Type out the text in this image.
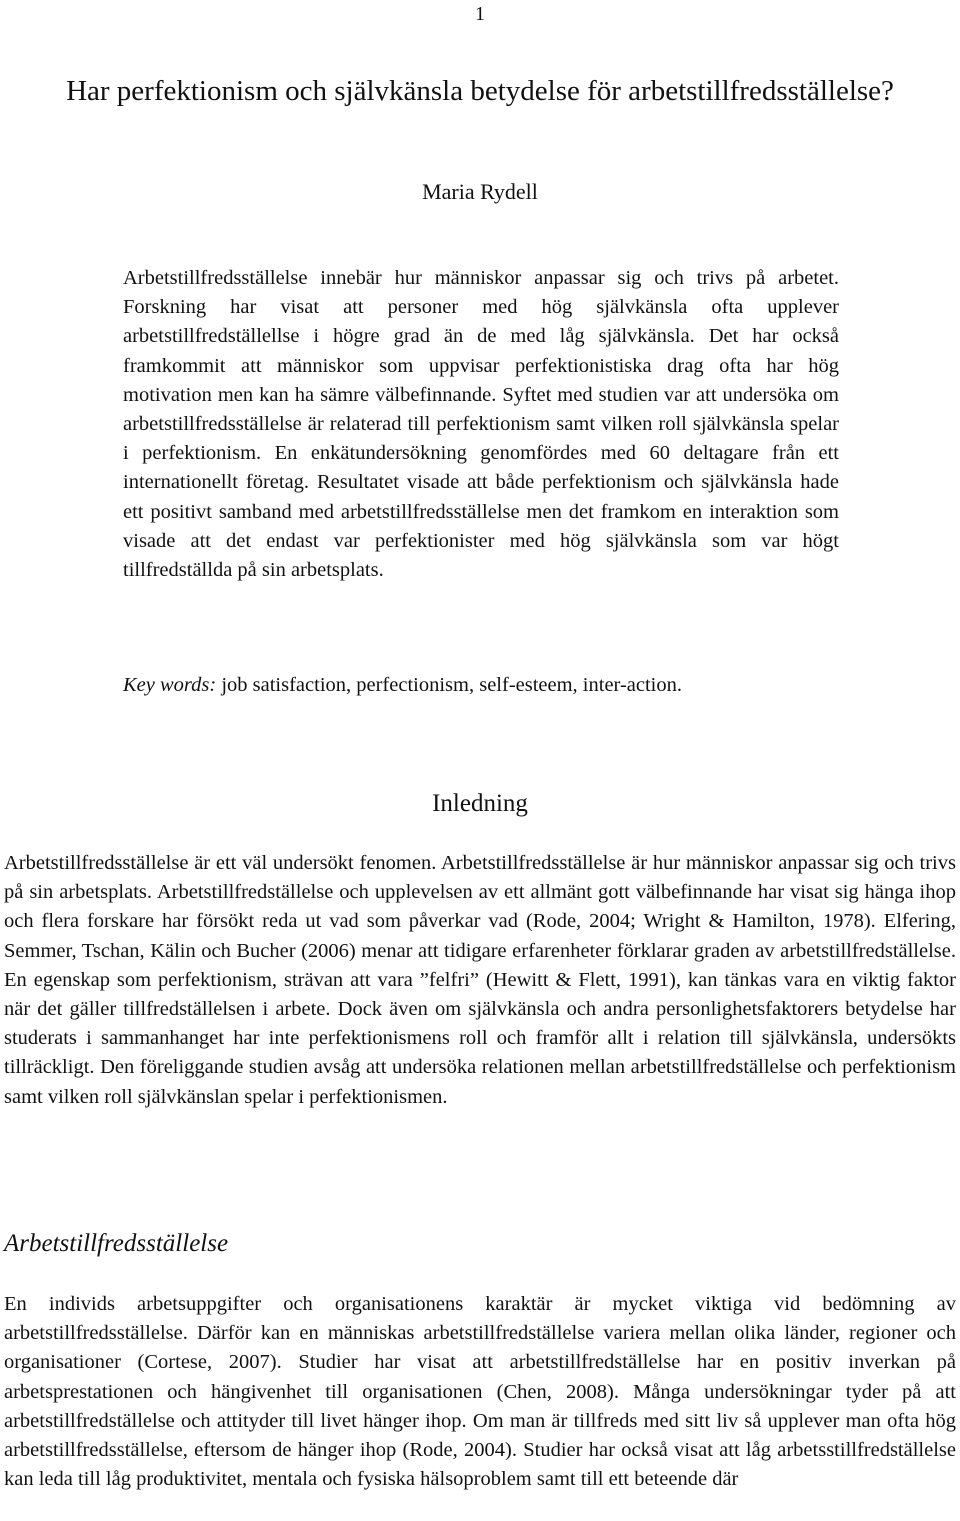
1
Har perfektionism och självkänsla betydelse för arbetstillfredsställelse?
Maria Rydell

Arbetstillfredsställelse innebär hur människor anpassar sig och trivs på arbetet. Forskning har visat att personer med hög självkänsla ofta upplever arbetstillfredställellse i högre grad än de med låg självkänsla. Det har också framkommit att människor som uppvisar perfektionistiska drag ofta har hög motivation men kan ha sämre välbefinnande. Syftet med studien var att undersöka om arbetstillfredsställelse är relaterad till perfektionism samt vilken roll självkänsla spelar i perfektionism. En enkätundersökning genomfördes med 60 deltagare från ett internationellt företag. Resultatet visade att både perfektionism och självkänsla hade ett positivt samband med arbetstillfredsställelse men det framkom en interaktion som visade att det endast var perfektionister med hög självkänsla som var högt tillfredställda på sin arbetsplats.

Key words: job satisfaction, perfectionism, self-esteem, inter-action.

Inledning

Arbetstillfredsställelse är ett väl undersökt fenomen. Arbetstillfredsställelse är hur människor anpassar sig och trivs på sin arbetsplats. Arbetstillfredställelse och upplevelsen av ett allmänt gott välbefinnande har visat sig hänga ihop och flera forskare har försökt reda ut vad som påverkar vad (Rode, 2004; Wright & Hamilton, 1978). Elfering, Semmer, Tschan, Kälin och Bucher (2006) menar att tidigare erfarenheter förklarar graden av arbetstillfredställelse. En egenskap som perfektionism, strävan att vara ”felfri” (Hewitt & Flett, 1991), kan tänkas vara en viktig faktor när det gäller tillfredställelsen i arbete. Dock även om självkänsla och andra personlighetsfaktorers betydelse har studerats i sammanhanget har inte perfektionismens roll och framför allt i relation till självkänsla, undersökts tillräckligt. Den föreliggande studien avsåg att undersöka relationen mellan arbetstillfredställelse och perfektionism samt vilken roll självkänslan spelar i perfektionismen.

Arbetstillfredsställelse

En individs arbetsuppgifter och organisationens karaktär är mycket viktiga vid bedömning av arbetstillfredsställelse. Därför kan en människas arbetstillfredställelse variera mellan olika länder, regioner och organisationer (Cortese, 2007). Studier har visat att arbetstillfredställelse har en positiv inverkan på arbetsprestationen och hängivenhet till organisationen (Chen, 2008). Många undersökningar tyder på att arbetstillfredställelse och attityder till livet hänger ihop. Om man är tillfreds med sitt liv så upplever man ofta hög arbetstillfredsställelse, eftersom de hänger ihop (Rode, 2004). Studier har också visat att låg arbetsstillfredställelse kan leda till låg produktivitet, mentala och fysiska hälsoproblem samt till ett beteende där
